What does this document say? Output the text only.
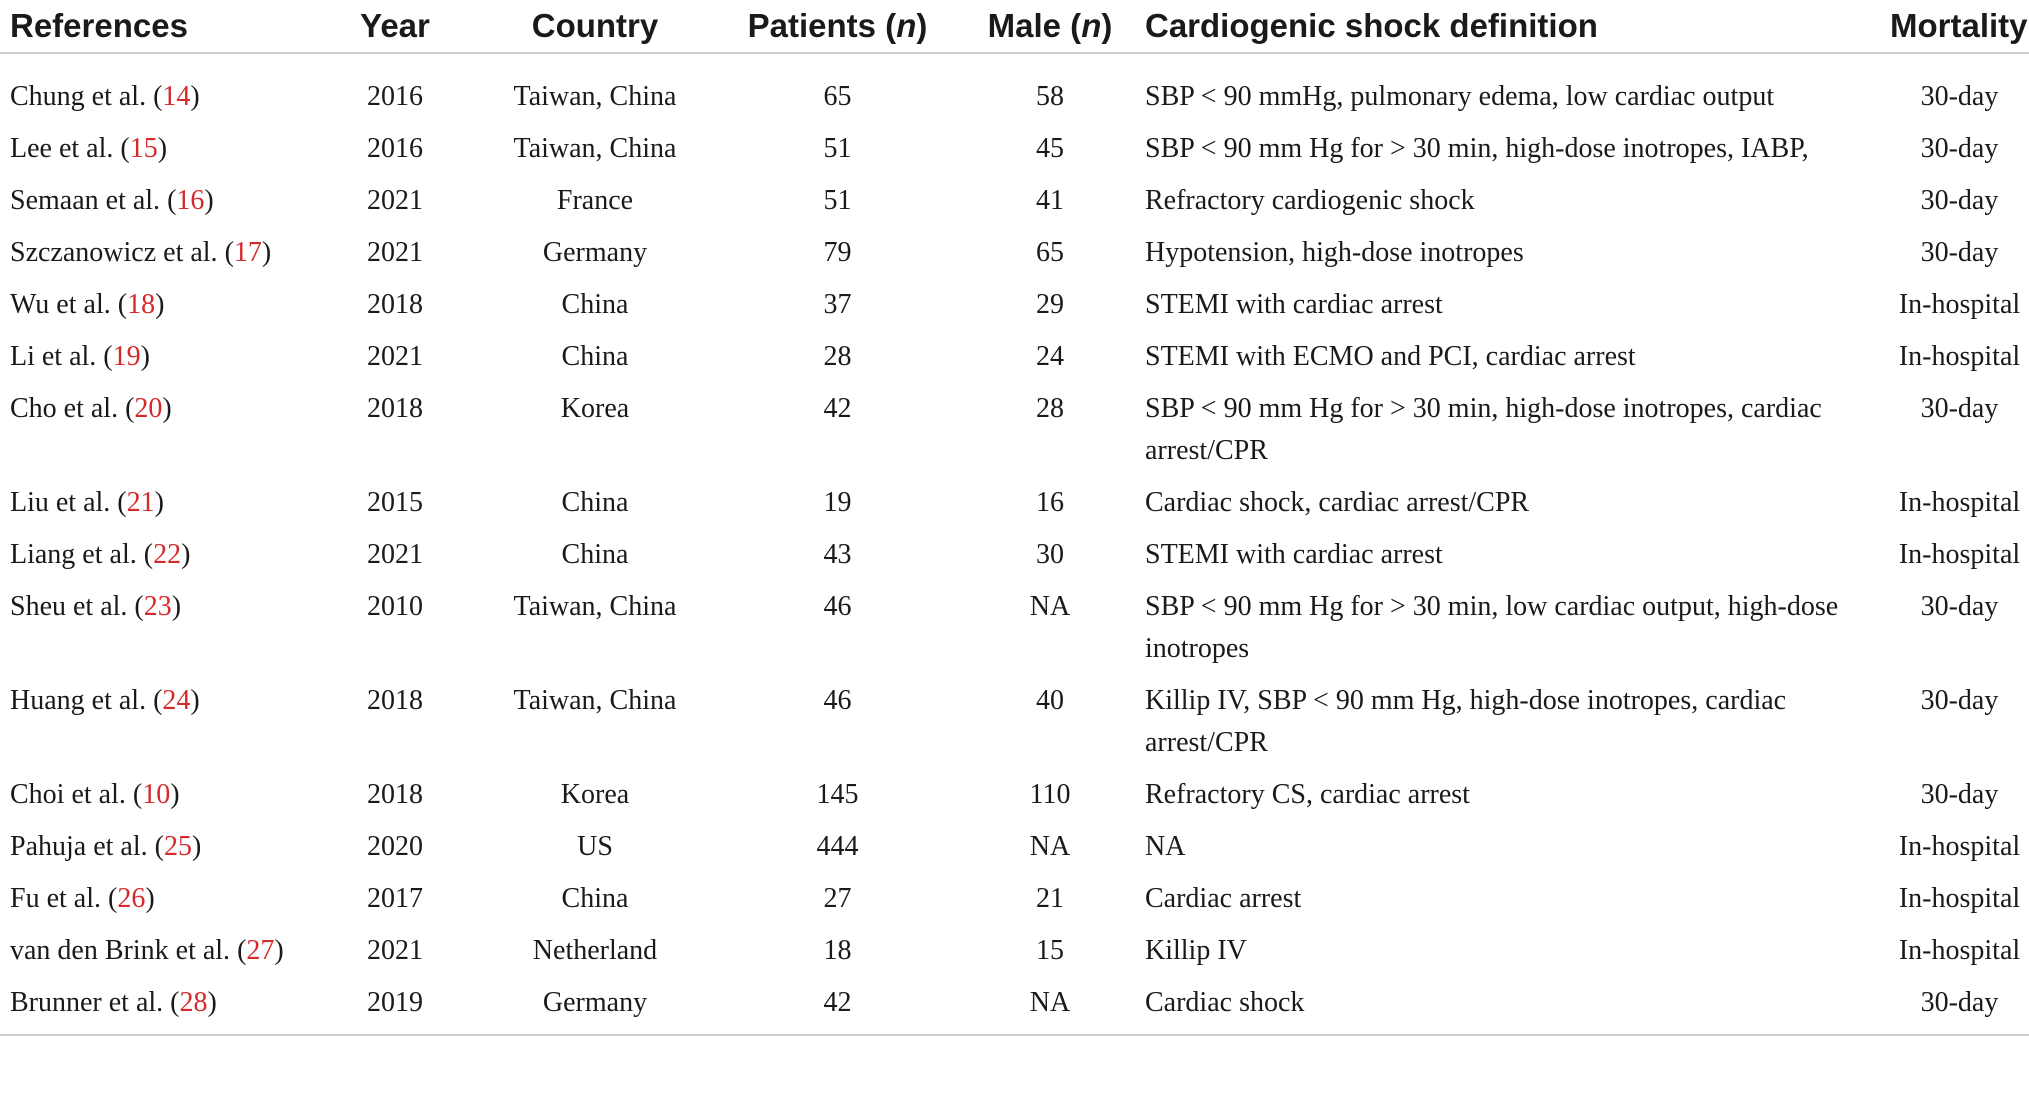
References	Year	Country	Patients (n)	Male (n)	Cardiogenic shock definition	Mortality

Chung et al. (14)	2016	Taiwan, China	65	58	SBP < 90 mmHg, pulmonary edema, low cardiac output	30-day
Lee et al. (15)	2016	Taiwan, China	51	45	SBP < 90 mm Hg for > 30 min, high-dose inotropes, IABP,	30-day
Semaan et al. (16)	2021	France	51	41	Refractory cardiogenic shock	30-day
Szczanowicz et al. (17)	2021	Germany	79	65	Hypotension, high-dose inotropes	30-day
Wu et al. (18)	2018	China	37	29	STEMI with cardiac arrest	In-hospital
Li et al. (19)	2021	China	28	24	STEMI with ECMO and PCI, cardiac arrest	In-hospital
Cho et al. (20)	2018	Korea	42	28	SBP < 90 mm Hg for > 30 min, high-dose inotropes, cardiac arrest/CPR	30-day
Liu et al. (21)	2015	China	19	16	Cardiac shock, cardiac arrest/CPR	In-hospital
Liang et al. (22)	2021	China	43	30	STEMI with cardiac arrest	In-hospital
Sheu et al. (23)	2010	Taiwan, China	46	NA	SBP < 90 mm Hg for > 30 min, low cardiac output, high-dose inotropes	30-day
Huang et al. (24)	2018	Taiwan, China	46	40	Killip IV, SBP < 90 mm Hg, high-dose inotropes, cardiac arrest/CPR	30-day
Choi et al. (10)	2018	Korea	145	110	Refractory CS, cardiac arrest	30-day
Pahuja et al. (25)	2020	US	444	NA	NA	In-hospital
Fu et al. (26)	2017	China	27	21	Cardiac arrest	In-hospital
van den Brink et al. (27)	2021	Netherland	18	15	Killip IV	In-hospital
Brunner et al. (28)	2019	Germany	42	NA	Cardiac shock	30-day
